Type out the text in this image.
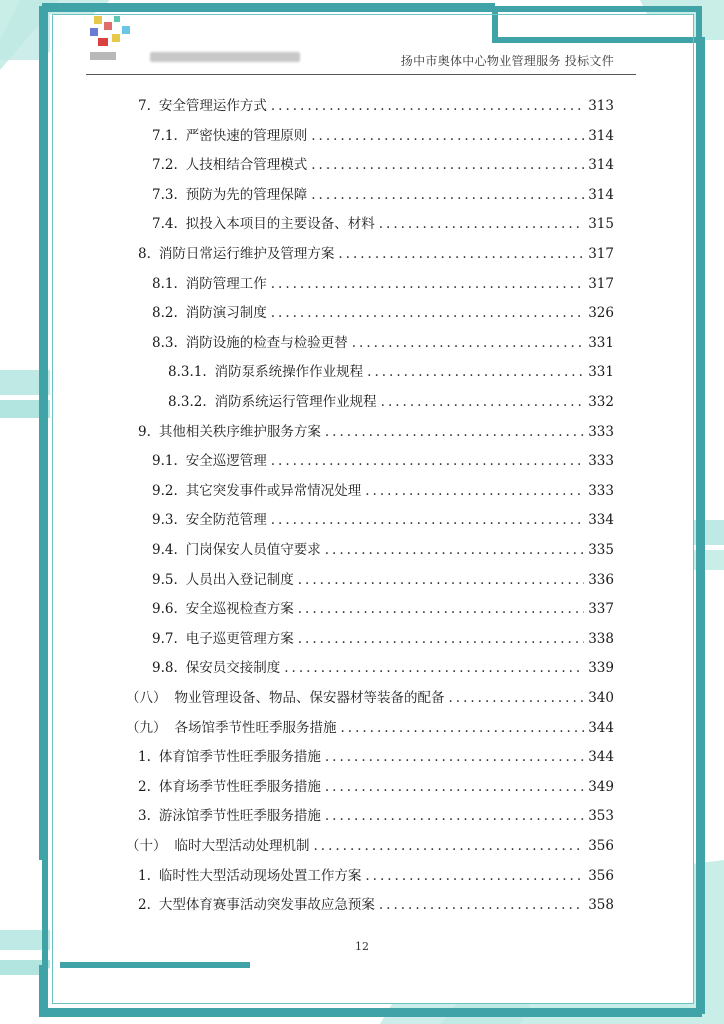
扬中市奥体中心物业管理服务 投标文件
7. 安全管理运作方式 .....	313
7.1. 严密快速的管理原则 .....	314
7.2. 人技相结合管理模式 .....	314
7.3. 预防为先的管理保障 .....	314
7.4. 拟投入本项目的主要设备、材料 .....	315
8. 消防日常运行维护及管理方案 .....	317
8.1. 消防管理工作 .....	317
8.2. 消防演习制度 .....	326
8.3. 消防设施的检查与检验更替 .....	331
8.3.1. 消防泵系统操作作业规程 .....	331
8.3.2. 消防系统运行管理作业规程 .....	332
9. 其他相关秩序维护服务方案 .....	333
9.1. 安全巡逻管理 .....	333
9.2. 其它突发事件或异常情况处理 .....	333
9.3. 安全防范管理 .....	334
9.4. 门岗保安人员值守要求 .....	335
9.5. 人员出入登记制度 .....	336
9.6. 安全巡视检查方案 .....	337
9.7. 电子巡更管理方案 .....	338
9.8. 保安员交接制度 .....	339
（八） 物业管理设备、物品、保安器材等装备的配备 .....	340
（九） 各场馆季节性旺季服务措施 .....	344
1. 体育馆季节性旺季服务措施 .....	344
2. 体育场季节性旺季服务措施 .....	349
3. 游泳馆季节性旺季服务措施 .....	353
（十） 临时大型活动处理机制 .....	356
1. 临时性大型活动现场处置工作方案 .....	356
2. 大型体育赛事活动突发事故应急预案 .....	358
12
